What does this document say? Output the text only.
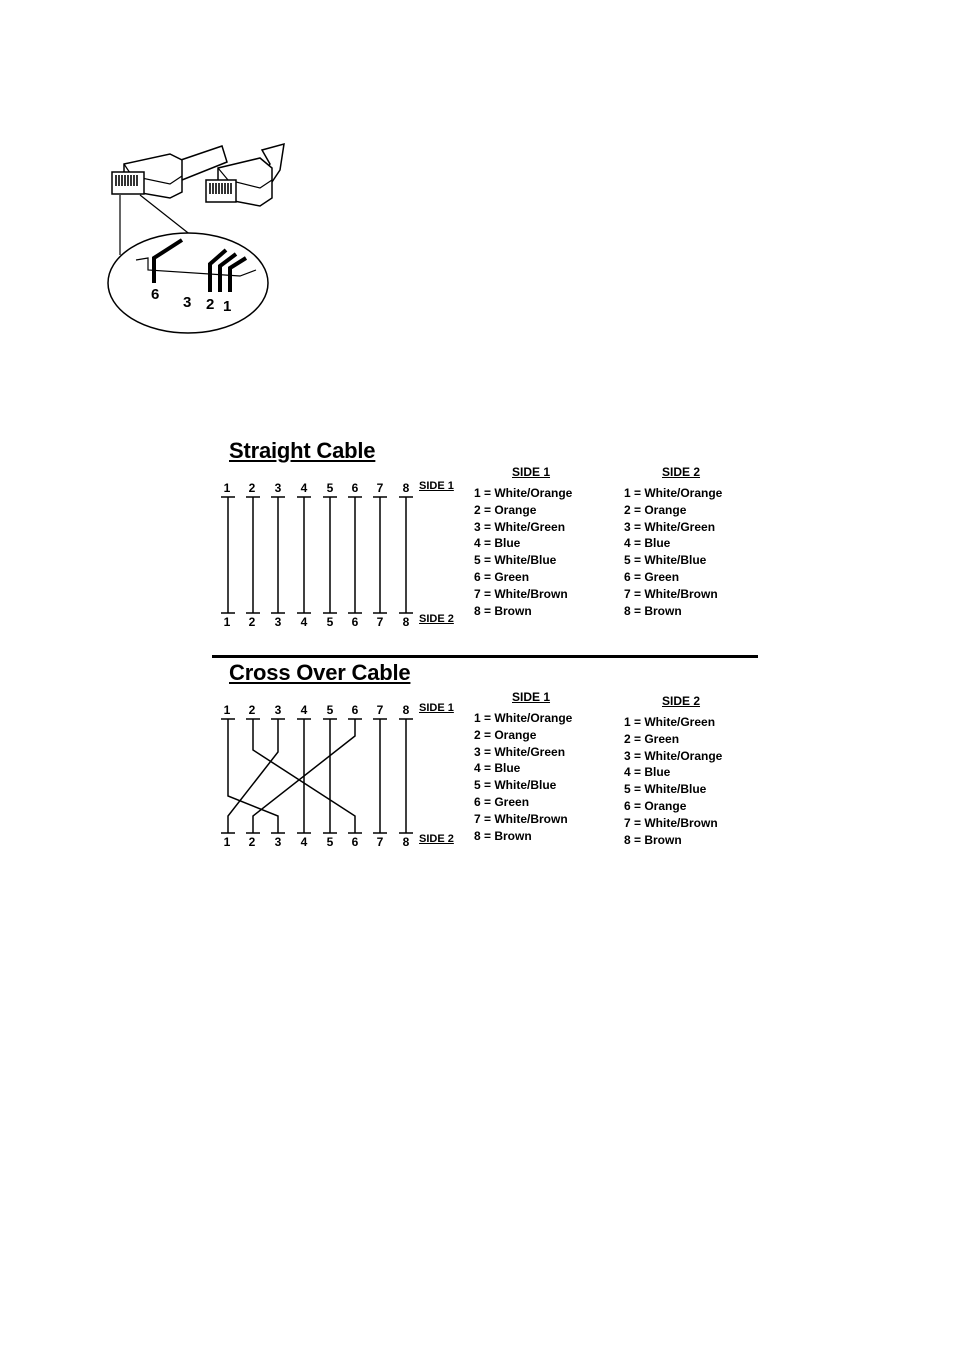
6 3 2 1
Straight Cable
1	2	3	4	5	6	7	8
1	2	3	4	5	6	7	8
SIDE 1
SIDE 2
SIDE 1
1 = White/Orange
2 = Orange
3 = White/Green
4 = Blue
5 = White/Blue
6 = Green
7 = White/Brown
8 = Brown
SIDE 2
1 = White/Orange
2 = Orange
3 = White/Green
4 = Blue
5 = White/Blue
6 = Green
7 = White/Brown
8 = Brown
Cross Over Cable
1	2	3	4	5	6	7	8
1	2	3	4	5	6	7	8
SIDE 1
SIDE 2
SIDE 1
1 = White/Orange
2 = Orange
3 = White/Green
4 = Blue
5 = White/Blue
6 = Green
7 = White/Brown
8 = Brown
SIDE 2
1 = White/Green
2 = Green
3 = White/Orange
4 = Blue
5 = White/Blue
6 = Orange
7 = White/Brown
8 = Brown
